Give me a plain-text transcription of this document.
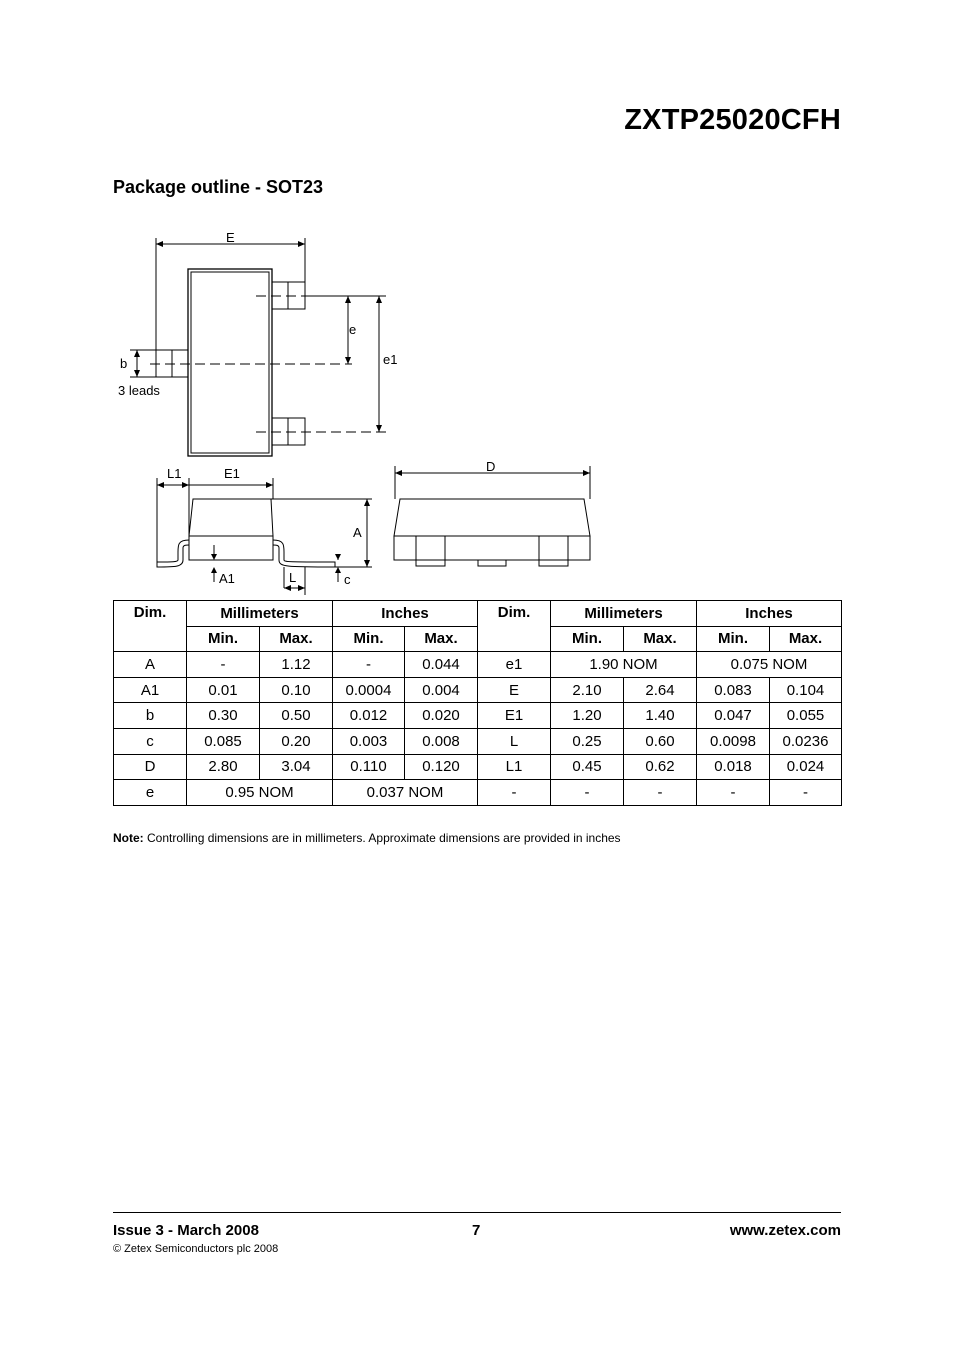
ZXTP25020CFH
Package outline - SOT23
E
e
e1
b
3 leads
L1	E1	D
A
A1	L	c
Dim.	Millimeters		Inches		Dim.	Millimeters		Inches	
	Min.	Max.	Min.	Max.		Min.	Max.	Min.	Max.
A	-	1.12	-	0.044	e1	1.90 NOM		0.075 NOM	
A1	0.01	0.10	0.0004	0.004	E	2.10	2.64	0.083	0.104
b	0.30	0.50	0.012	0.020	E1	1.20	1.40	0.047	0.055
c	0.085	0.20	0.003	0.008	L	0.25	0.60	0.0098	0.0236
D	2.80	3.04	0.110	0.120	L1	0.45	0.62	0.018	0.024
e	0.95 NOM		0.037 NOM		-	-	-	-	-

Note: Controlling dimensions are in millimeters. Approximate dimensions are provided in inches

Issue 3 - March 2008	7	www.zetex.com
© Zetex Semiconductors plc 2008
